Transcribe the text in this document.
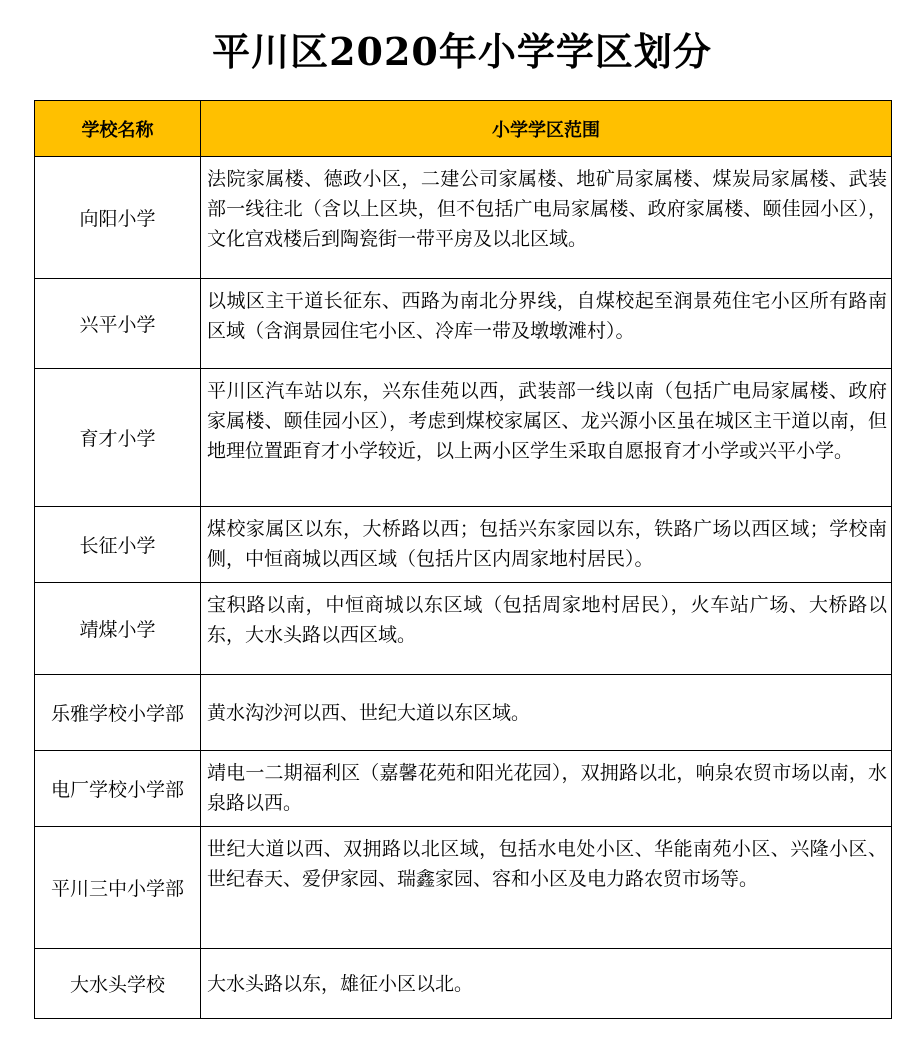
平川区2020年小学学区划分
学校名称	小学学区范围
向阳小学	法院家属楼、德政小区，二建公司家属楼、地矿局家属楼、煤炭局家属楼、武装部一线往北（含以上区块，但不包括广电局家属楼、政府家属楼、颐佳园小区），文化宫戏楼后到陶瓷街一带平房及以北区域。
兴平小学	以城区主干道长征东、西路为南北分界线，自煤校起至润景苑住宅小区所有路南区域（含润景园住宅小区、冷库一带及墩墩滩村）。
育才小学	平川区汽车站以东，兴东佳苑以西，武装部一线以南（包括广电局家属楼、政府家属楼、颐佳园小区），考虑到煤校家属区、龙兴源小区虽在城区主干道以南，但地理位置距育才小学较近，以上两小区学生采取自愿报育才小学或兴平小学。
长征小学	煤校家属区以东，大桥路以西；包括兴东家园以东，铁路广场以西区域；学校南侧，中恒商城以西区域（包括片区内周家地村居民）。
靖煤小学	宝积路以南，中恒商城以东区域（包括周家地村居民），火车站广场、大桥路以东，大水头路以西区域。
乐雅学校小学部	黄水沟沙河以西、世纪大道以东区域。
电厂学校小学部	靖电一二期福利区（嘉馨花苑和阳光花园），双拥路以北，响泉农贸市场以南，水泉路以西。
平川三中小学部	世纪大道以西、双拥路以北区域，包括水电处小区、华能南苑小区、兴隆小区、世纪春天、爱伊家园、瑞鑫家园、容和小区及电力路农贸市场等。
大水头学校	大水头路以东，雄征小区以北。
